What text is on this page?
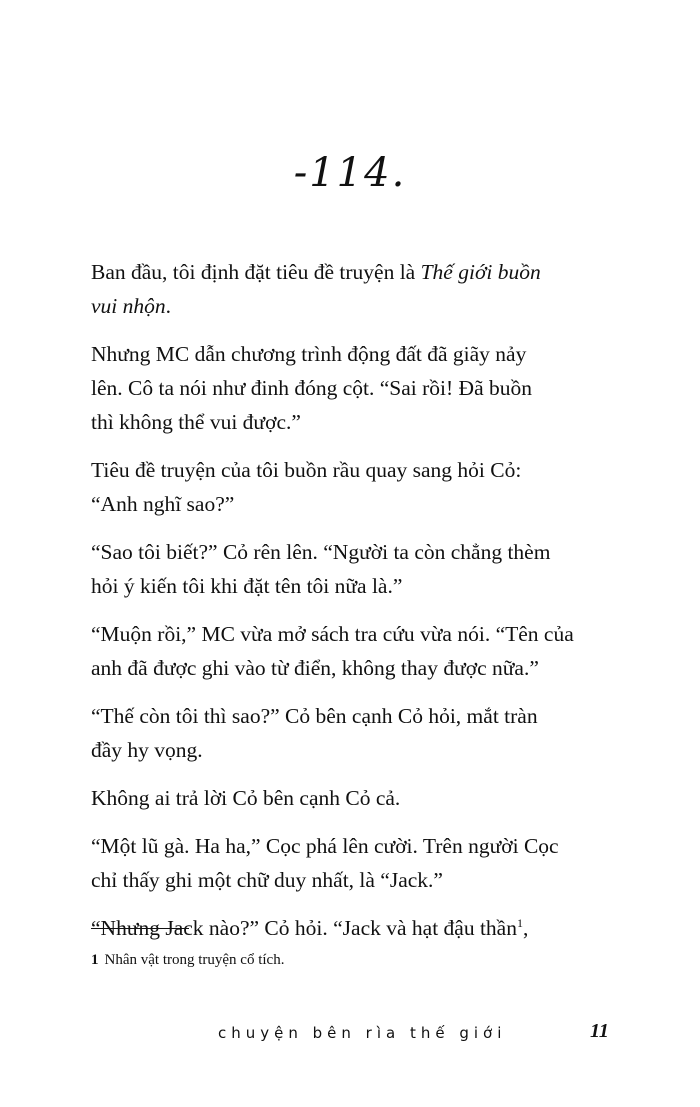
-114.

Ban đầu, tôi định đặt tiêu đề truyện là Thế giới buồn
vui nhộn.

Nhưng MC dẫn chương trình động đất đã giãy nảy
lên. Cô ta nói như đinh đóng cột. “Sai rồi! Đã buồn
thì không thể vui được.”

Tiêu đề truyện của tôi buồn rầu quay sang hỏi Cỏ:
“Anh nghĩ sao?”

“Sao tôi biết?” Cỏ rên lên. “Người ta còn chẳng thèm
hỏi ý kiến tôi khi đặt tên tôi nữa là.”

“Muộn rồi,” MC vừa mở sách tra cứu vừa nói. “Tên của
anh đã được ghi vào từ điển, không thay được nữa.”

“Thế còn tôi thì sao?” Cỏ bên cạnh Cỏ hỏi, mắt tràn
đầy hy vọng.

Không ai trả lời Cỏ bên cạnh Cỏ cả.

“Một lũ gà. Ha ha,” Cọc phá lên cười. Trên người Cọc
chỉ thấy ghi một chữ duy nhất, là “Jack.”

“Nhưng Jack nào?” Cỏ hỏi. “Jack và hạt đậu thần$^1$,

1 Nhân vật trong truyện cổ tích.
chuyện bên rìa thế giới	11
